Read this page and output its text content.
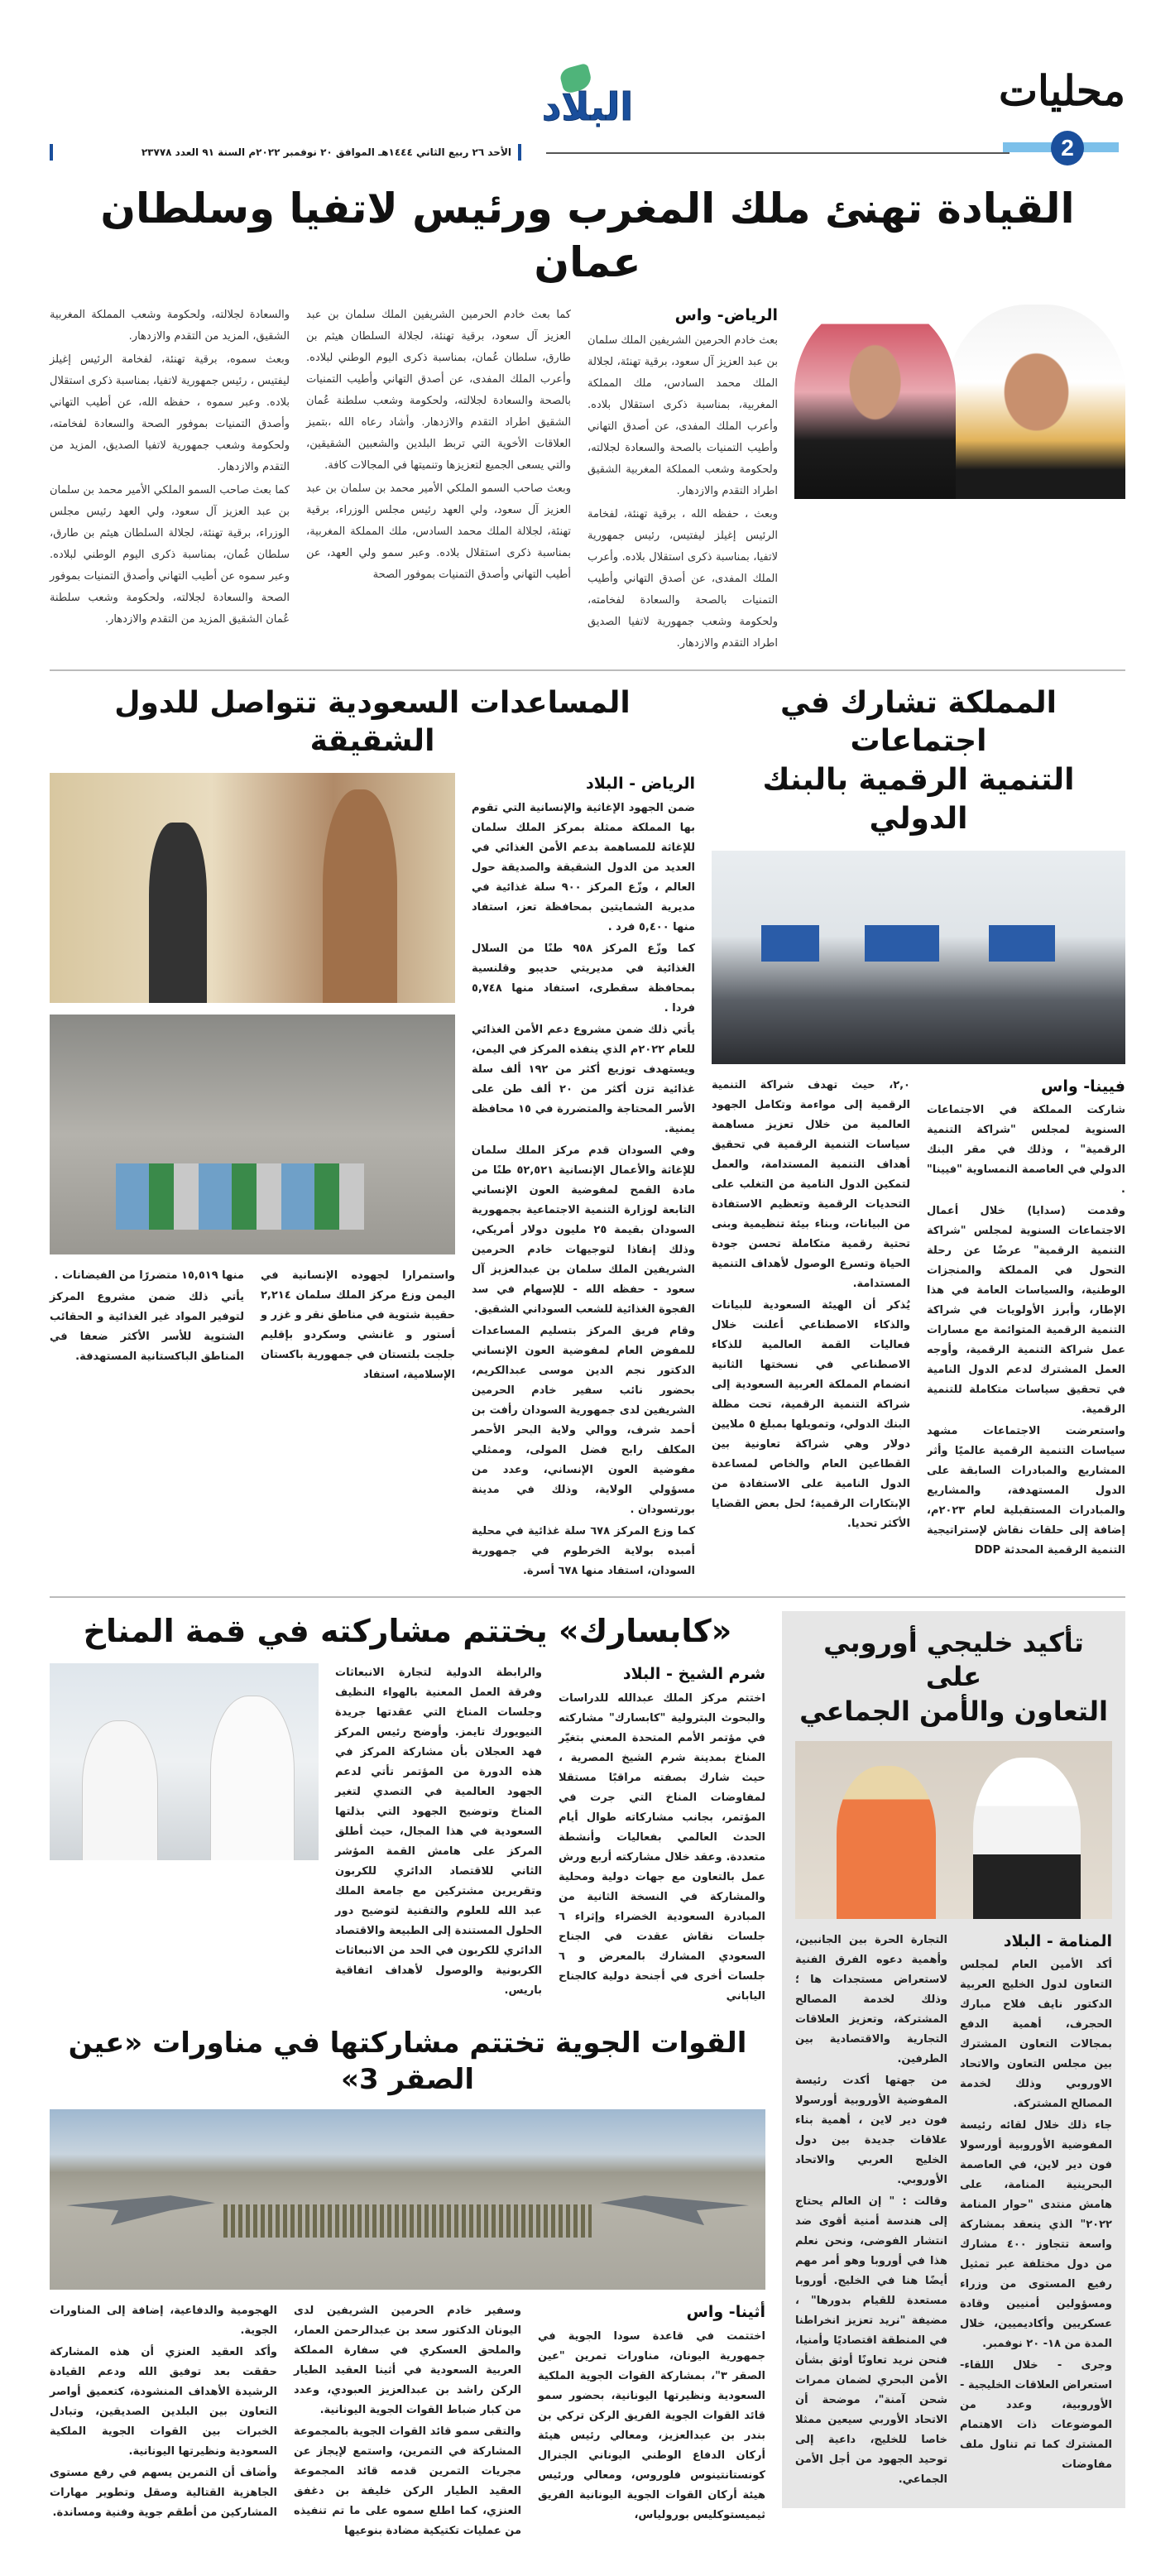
محليات
2
البلاد
الأحد ٢٦ ربيع الثاني ١٤٤٤هـ الموافق ٢٠ نوفمبر ٢٠٢٢م السنة ٩١ العدد ٢٣٧٧٨
القيادة تهنئ ملك المغرب ورئيس لاتفيا وسلطان عمان
الرياض- واس

بعث خادم الحرمين الشريفين الملك سلمان بن عبد العزيز آل سعود، برقية تهنئة، لجلالة الملك محمد السادس، ملك المملكة المغربية، بمناسبة ذكرى استقلال بلاده. وأعرب الملك المفدى، عن أصدق التهاني وأطيب التمنيات بالصحة والسعادة لجلالته، ولحكومة وشعب المملكة المغربية الشقيق اطراد التقدم والازدهار.

وبعث ، حفظه الله ، برقية تهنئة، لفخامة الرئيس إغيلز ليفتيس، رئيس جمهورية لاتفيا، بمناسبة ذكرى استقلال بلاده. وأعرب الملك المفدى، عن أصدق التهاني وأطيب التمنيات بالصحة والسعادة لفخامته، ولحكومة وشعب جمهورية لاتفيا الصديق اطراد التقدم والازدهار.

كما بعث خادم الحرمين الشريفين الملك سلمان بن عبد العزيز آل سعود، برقية تهنئة، لجلالة السلطان هيثم بن طارق، سلطان عُمان، بمناسبة ذكرى اليوم الوطني لبلاده. وأعرب الملك المفدى، عن أصدق التهاني وأطيب التمنيات بالصحة والسعادة لجلالته، ولحكومة وشعب سلطنة عُمان الشقيق اطراد التقدم والازدهار. وأشاد رعاه الله ،بتميز العلاقات الأخوية التي تربط البلدين والشعبين الشقيقين، والتي يسعى الجميع لتعزيزها وتنميتها في المجالات كافة.

وبعث صاحب السمو الملكي الأمير محمد بن سلمان بن عبد العزيز آل سعود، ولي العهد رئيس مجلس الوزراء، برقية تهنئة، لجلالة الملك محمد السادس، ملك المملكة المغربية، بمناسبة ذكرى استقلال بلاده. وعبر سمو ولي العهد، عن أطيب التهاني وأصدق التمنيات بموفور الصحة

والسعادة لجلالته، ولحكومة وشعب المملكة المغربية الشقيق، المزيد من التقدم والازدهار.

وبعث سموه، برقية تهنئة، لفخامة الرئيس إغيلز ليفتيس ، رئيس جمهورية لاتفيا، بمناسبة ذكرى استقلال بلاده. وعبر سموه ، حفظه الله، عن أطيب التهاني وأصدق التمنيات بموفور الصحة والسعادة لفخامته، ولحكومة وشعب جمهورية لاتفيا الصديق، المزيد من التقدم والازدهار.

كما بعث صاحب السمو الملكي الأمير محمد بن سلمان بن عبد العزيز آل سعود، ولي العهد رئيس مجلس الوزراء، برقية تهنئة، لجلالة السلطان هيثم بن طارق، سلطان عُمان، بمناسبة ذكرى اليوم الوطني لبلاده. وعبر سموه عن أطيب التهاني وأصدق التمنيات بموفور الصحة والسعادة لجلالته، ولحكومة وشعب سلطنة عُمان الشقيق المزيد من التقدم والازدهار.

المملكة تشارك في اجتماعات
التنمية الرقمية بالبنك الدولي
فيينا- واس

شاركت المملكة في الاجتماعات السنوية لمجلس "شراكة التنمية الرقمية" ، وذلك في مقر البنك الدولي في العاصمة النمساوية "فيينا" .

وقدمت (سدايا) خلال أعمال الاجتماعات السنوية لمجلس "شراكة التنمية الرقمية" عرضًا عن رحلة التحول في المملكة والمنجزات الوطنية، والسياسات العامة في هذا الإطار، وأبرز الأولويات في شراكة التنمية الرقمية المتوائمة مع مسارات عمل شراكة التنمية الرقمية، وأوجه العمل المشترك لدعم الدول النامية في تحقيق سياسات متكاملة للتنمية الرقمية.

واستعرضت الاجتماعات مشهد سياسات التنمية الرقمية عالميًا وأثر المشاريع والمبادرات السابقة على الدول المستهدفة، والمشاريع والمبادرات المستقبلية لعام ٢٠٢٣م، إضافة إلى حلقات نقاش لإستراتيجية التنمية الرقمية المحدثة DDP

٢,٠، حيث تهدف شراكة التنمية الرقمية إلى مواءمة وتكامل الجهود العالمية من خلال تعزيز مساهمة سياسات التنمية الرقمية في تحقيق أهداف التنمية المستدامة، والعمل لتمكين الدول النامية من التغلب على التحديات الرقمية وتعظيم الاستفادة من البيانات، وبناء بيئة تنظيمية وبنى تحتية رقمية متكاملة تحسن جودة الحياة وتسرع الوصول لأهداف التنمية المستدامة.

يُذكر أن الهيئة السعودية للبيانات والذكاء الاصطناعي أعلنت خلال فعاليات القمة العالمية للذكاء الاصطناعي في نسختها الثانية انضمام المملكة العربية السعودية إلى شراكة التنمية الرقمية، تحت مظلة البنك الدولي، وتمويلها بمبلغ ٥ ملايين دولار وهي شراكة تعاونية بين القطاعين العام والخاص لمساعدة الدول النامية على الاستفادة من الإبتكارات الرقمية؛ لحل بعض القضايا الأكثر تحديا.

المساعدات السعودية تتواصل للدول الشقيقة
الرياض - البلاد

ضمن الجهود الإغاثية والإنسانية التي تقوم بها المملكة ممثلة بمركز الملك سلمان للإغاثة للمساهمة بدعم الأمن الغذائي في العديد من الدول الشقيقة والصديقة حول العالم ، وزّع المركز ٩٠٠ سلة غذائية في مديرية الشمايتين بمحافظة تعز، استفاد منها ٥,٤٠٠ فرد .

كما وزّع المركز ٩٥٨ طنًا من السلال الغذائية في مديريتي حديبو وقلنسية بمحافظة سقطرى، استفاد منها ٥,٧٤٨ فردا .

يأتي ذلك ضمن مشروع دعم الأمن الغذائي للعام ٢٠٢٢م الذي ينفذه المركز في اليمن، ويستهدف توزيع أكثر من ١٩٢ ألف سلة غذائية تزن أكثر من ٢٠ ألف طن على الأسر المحتاجة والمتضررة في ١٥ محافظة يمنية.

وفي السودان قدم مركز الملك سلمان للإغاثة والأعمال الإنسانية ٥٢,٥٢١ طنًا من مادة القمح لمفوضية العون الإنساني التابعة لوزارة التنمية الاجتماعية بجمهورية السودان بقيمة ٢٥ مليون دولار أمريكي، وذلك إنفاذا لتوجيهات خادم الحرمين الشريفين الملك سلمان بن عبدالعزيز آل سعود - حفظه الله - للإسهام في سد الفجوة الغذائية للشعب السوداني الشقيق.

وقام فريق المركز بتسليم المساعدات للمفوض العام لمفوضية العون الإنساني الدكتور نجم الدين موسى عبدالكريم، بحضور نائب سفير خادم الحرمين الشريفين لدى جمهورية السودان رأفت بن أحمد شرف، ووالي ولاية البحر الأحمر المكلف رابح فضل المولى، وممثلي مفوضية العون الإنساني، وعدد من مسؤولي الولاية، وذلك في مدينة بورتسودان .

كما وزع المركز ٦٧٨ سلة غذائية في محلية أمبده بولاية الخرطوم في جمهورية السودان، استفاد منها ٦٧٨ أسرة.

واستمرارا لجهوده الإنسانية في اليمن وزع مركز الملك سلمان ٢,٢١٤ حقيبة شتوية في مناطق نقر و غزر و أستور و غانشي وسكردو بإقليم جلجت بلتستان في جمهورية باكستان الإسلامية، استفاد

منها ١٥,٥١٩ متضررًا من الفيضانات .

يأتي ذلك ضمن مشروع المركز لتوفير المواد غير الغذائية و الحقائب الشتوية للأسر الأكثر ضعفا في المناطق الباكستانية المستهدفة.

تأكيد خليجي أوروبي على
التعاون والأمن الجماعي
المنامة - البلاد

أكد الأمين العام لمجلس التعاون لدول الخليج العربية الدكتور نايف فلاح مبارك الحجرف، أهمية الدفع بمجالات التعاون المشترك بين مجلس التعاون والاتحاد الاوروبي وذلك لخدمة المصالح المشتركة.

جاء ذلك خلال لقائه رئيسة المفوضية الأوروبية أورسولا فون دير لاين، في العاصمة البحرينية المنامة، على هامش منتدى "حوار المنامة ٢٠٢٢" الذي ينعقد بمشاركة واسعة تتجاوز ٤٠٠ مشارك من دول مختلفة عبر تمثيل رفيع المستوى من وزراء ومسؤولين أمنيين وقادة عسكريين وأكاديميين، خلال المدة من ١٨- ٢٠ نوفمبر.

وجرى - خلال اللقاء- استعراض العلاقات الخليجية - الأوروبية، وعدد من الموضوعات ذات الاهتمام المشترك كما تم تناول ملف مفاوضات

التجارة الحرة بين الجانبين، وأهمية دعوه الفرق الفنية لاستعراض مستجدات ها ؛وذلك لخدمة المصالح المشتركة، وتعزيز العلاقات التجارية والاقتصادية بين الطرفين.

من جهتها أكدت رئيسة المفوضية الأوروبية أورسولا فون دير لاين ، أهمية بناء علاقات جديدة بين دول الخليج العربي والاتحاد الأوروبي.

وقالت : " إن العالم يحتاج إلى هندسة أمنية أقوى ضد انتشار الفوضى، ونحن نعلم هذا في أوروبا وهو أمر مهم أيضًا هنا في الخليج. أوروبا مستعدة للقيام بدورها" ، مضيفة "نريد تعزيز انخراطنا في المنطقة اقتصاديًا وأمنيا، فنحن نريد تعاونًا أوثق بشأن الأمن البحري لضمان ممرات شحن آمنة"، موضحة أن الاتحاد الأوربي سيعين ممثلا خاصا للخليج، داعية إلى توحيد الجهود من أجل الأمن الجماعي.

«كابسارك» يختتم مشاركته في قمة المناخ
شرم الشيخ - البلاد

اختتم مركز الملك عبدالله للدراسات والبحوث البترولية "كابسارك" مشاركته في مؤتمر الأمم المتحدة المعني بتغيّر المناخ بمدينة شرم الشيخ المصرية ، حيث شارك بصفته مراقبًا مستقلا لمفاوضات المناخ التي جرت في المؤتمر، بجانب مشاركاته طوال أيام الحدث العالمي بفعاليات وأنشطة متعددة. وعقد خلال مشاركته أربع ورش عمل بالتعاون مع جهات دولية ومحلية والمشاركة في النسخة الثانية من المبادرة السعودية الخضراء وإثراء ٦ جلسات نقاش عقدت في الجناح السعودي المشارك بالمعرض و ٦ جلسات أخرى في أجنحة دولية كالجناح الياباني

والرابطة الدولية لتجارة الانبعاثات وفرقة العمل المعنية بالهواء النظيف وجلسات المناخ التي عقدتها جريدة النيويورك تايمز. وأوضح رئيس المركز فهد العجلان بأن مشاركة المركز في هذه الدورة من المؤتمر تأتي لدعم الجهود العالمية في التصدي لتغير المناخ وتوضيح الجهود التي بذلتها السعودية في هذا المجال، حيث أطلق المركز على هامش القمة المؤشر الثاني للاقتصاد الدائري للكربون وتقريرين مشتركين مع جامعة الملك عبد الله للعلوم والتقنية لتوضيح دور الحلول المستندة إلى الطبيعة والاقتصاد الدائري للكربون في الحد من الانبعاثات الكربونية والوصول لأهداف اتفاقية باريس.

القوات الجوية تختتم مشاركتها في مناورات «عين الصقر 3»
أثينا- واس

اختتمت في قاعدة سودا الجوية في جمهورية اليونان، مناورات تمرين "عين الصقر ٣"، بمشاركة القوات الجوية الملكية السعودية ونظيرتها اليونانية، بحضور سمو قائد القوات الجوية الفريق الركن تركي بن بندر بن عبدالعزيز، ومعالي رئيس هيئة أركان الدفاع الوطني اليوناني الجنرال كونستانتينوس فلوروس، ومعالي ورئيس هيئة أركان القوات الجوية اليونانية الفريق ثيميستوكليس بورولياس،

وسفير خادم الحرمين الشريفين لدى اليونان الدكتور سعد بن عبدالرحمن العمار، والملحق العسكري في سفارة المملكة العربية السعودية في أثينا العقيد الطيار الركن راشد بن عبدالعزيز العبودي، وعدد من كبار ضباط القوات الجوية اليونانية.

والتقى سمو قائد القوات الجوية بالمجموعة المشاركة في التمرين، واستمع لإيجاز عن مجريات التمرين قدمه قائد المجموعة العقيد الطيار الركن خليفة بن دغفق العنزي، كما اطلع سموه على ما تم تنفيذه من عمليات تكتيكية مضادة بنوعيها

الهجومية والدفاعية، إضافة إلى المناورات الجوية.

وأكد العقيد العنزي أن هذه المشاركة حققت بعد توفيق الله ودعم القيادة الرشيدة الأهداف المنشودة، كتعميق أواصر التعاون بين البلدين الصديقين، وتبادل الخبرات بين القوات الجوية الملكية السعودية ونظيرتها اليونانية.

وأضاف أن التمرين يسهم في رفع مستوى الجاهزية القتالية وصقل وتطوير مهارات المشاركين من أطقم جوية وفنية ومساندة.
